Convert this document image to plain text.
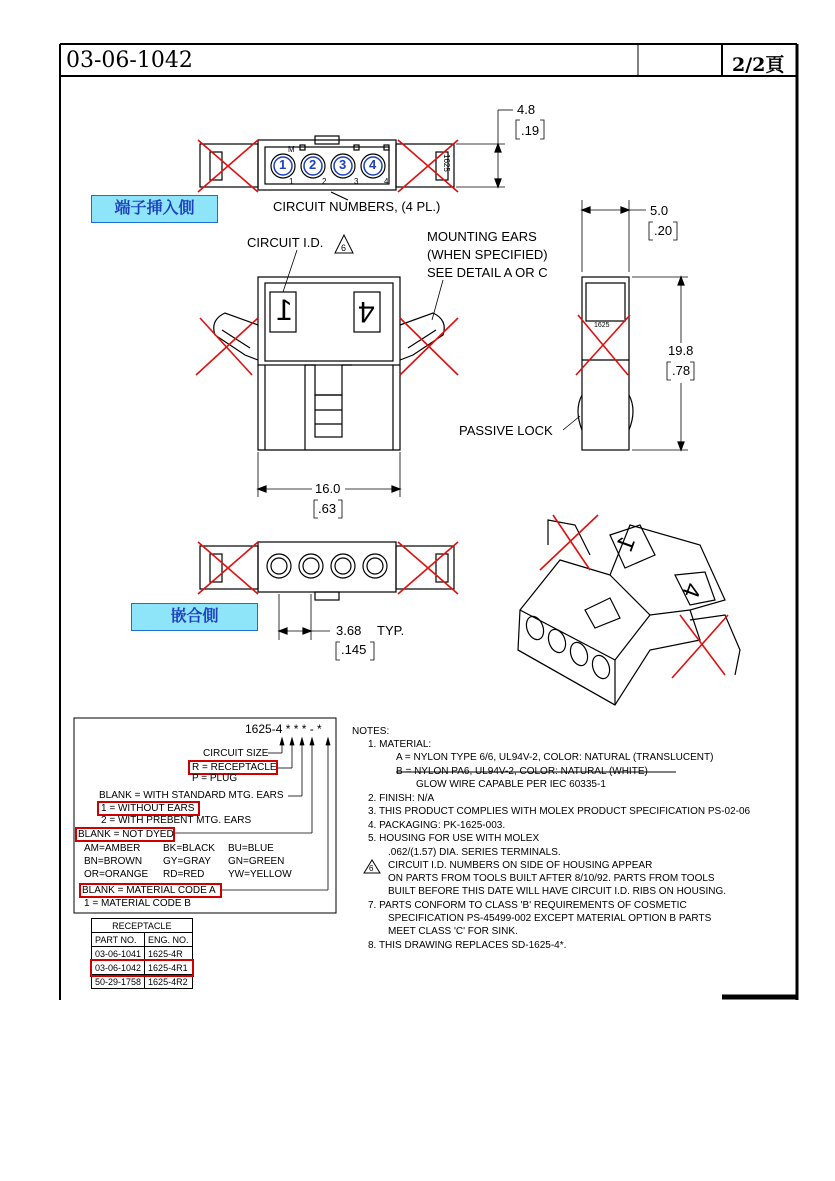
03-06-1042	2/2頁
1 2 3 4
1	2	3	4
M
1625
端子挿入側	CIRCUIT NUMBERS, (4 PL.)
4.8
.19
CIRCUIT I.D. 6
MOUNTING EARS
(WHEN SPECIFIED)
SEE DETAIL A OR C
1 4
16.0
.63
5.0
.20
19.8
.78
PASSIVE LOCK
1625
嵌合側
3.68 TYP.
.145
1
4
1625-4 * * * - *
CIRCUIT SIZE
R = RECEPTACLE
P = PLUG
BLANK = WITH STANDARD MTG. EARS
1 = WITHOUT EARS
2 = WITH PREBENT MTG. EARS
BLANK = NOT DYED
AM=AMBER BK=BLACK BU=BLUE
BN=BROWN GY=GRAY GN=GREEN
OR=ORANGE RD=RED YW=YELLOW
BLANK = MATERIAL CODE A
1 = MATERIAL CODE B
RECEPTACLE	
PART NO.	ENG. NO.
03-06-1041	1625-4R
03-06-1042	1625-4R1
50-29-1758	1625-4R2
NOTES:
1. MATERIAL:
A = NYLON TYPE 6/6, UL94V-2, COLOR: NATURAL (TRANSLUCENT)
B = NYLON PA6, UL94V-2, COLOR: NATURAL (WHITE)
GLOW WIRE CAPABLE PER IEC 60335-1
2. FINISH: N/A
3. THIS PRODUCT COMPLIES WITH MOLEX PRODUCT SPECIFICATION PS-02-06
4. PACKAGING: PK-1625-003.
5. HOUSING FOR USE WITH MOLEX
.062/(1.57) DIA. SERIES TERMINALS.
CIRCUIT I.D. NUMBERS ON SIDE OF HOUSING APPEAR
ON PARTS FROM TOOLS BUILT AFTER 8/10/92. PARTS FROM TOOLS
BUILT BEFORE THIS DATE WILL HAVE CIRCUIT I.D. RIBS ON HOUSING.
7. PARTS CONFORM TO CLASS 'B' REQUIREMENTS OF COSMETIC
SPECIFICATION PS-45499-002 EXCEPT MATERIAL OPTION B PARTS
MEET CLASS 'C' FOR SINK.
8. THIS DRAWING REPLACES SD-1625-4*.
6
